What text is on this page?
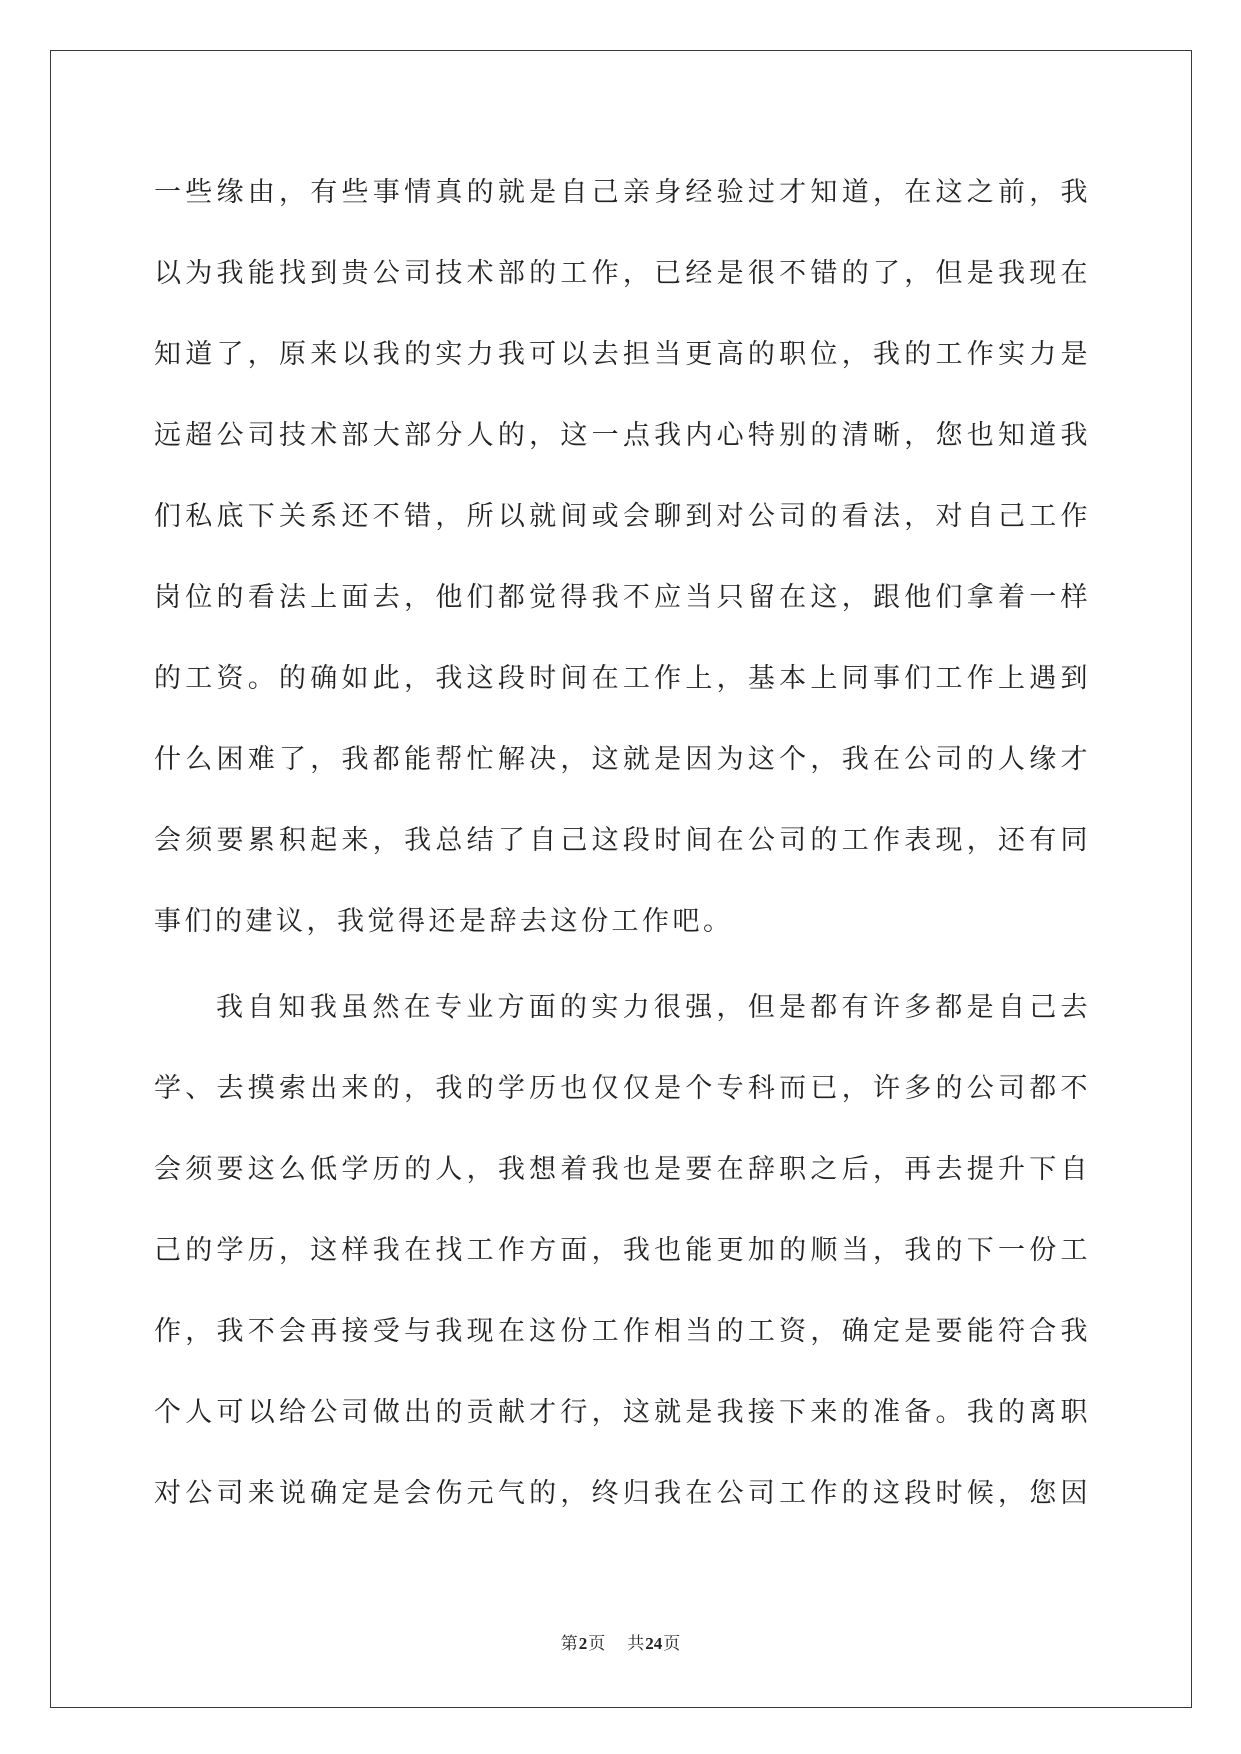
一些缘由，有些事情真的就是自己亲身经验过才知道，在这之前，我
以为我能找到贵公司技术部的工作，已经是很不错的了，但是我现在
知道了，原来以我的实力我可以去担当更高的职位，我的工作实力是
远超公司技术部大部分人的，这一点我内心特别的清晰，您也知道我
们私底下关系还不错，所以就间或会聊到对公司的看法，对自己工作
岗位的看法上面去，他们都觉得我不应当只留在这，跟他们拿着一样
的工资。的确如此，我这段时间在工作上，基本上同事们工作上遇到
什么困难了，我都能帮忙解决，这就是因为这个，我在公司的人缘才
会须要累积起来，我总结了自己这段时间在公司的工作表现，还有同
事们的建议，我觉得还是辞去这份工作吧。
我自知我虽然在专业方面的实力很强，但是都有许多都是自己去
学、去摸索出来的，我的学历也仅仅是个专科而已，许多的公司都不
会须要这么低学历的人，我想着我也是要在辞职之后，再去提升下自
己的学历，这样我在找工作方面，我也能更加的顺当，我的下一份工
作，我不会再接受与我现在这份工作相当的工资，确定是要能符合我
个人可以给公司做出的贡献才行，这就是我接下来的准备。我的离职
对公司来说确定是会伤元气的，终归我在公司工作的这段时候，您因
第2页 共24页
